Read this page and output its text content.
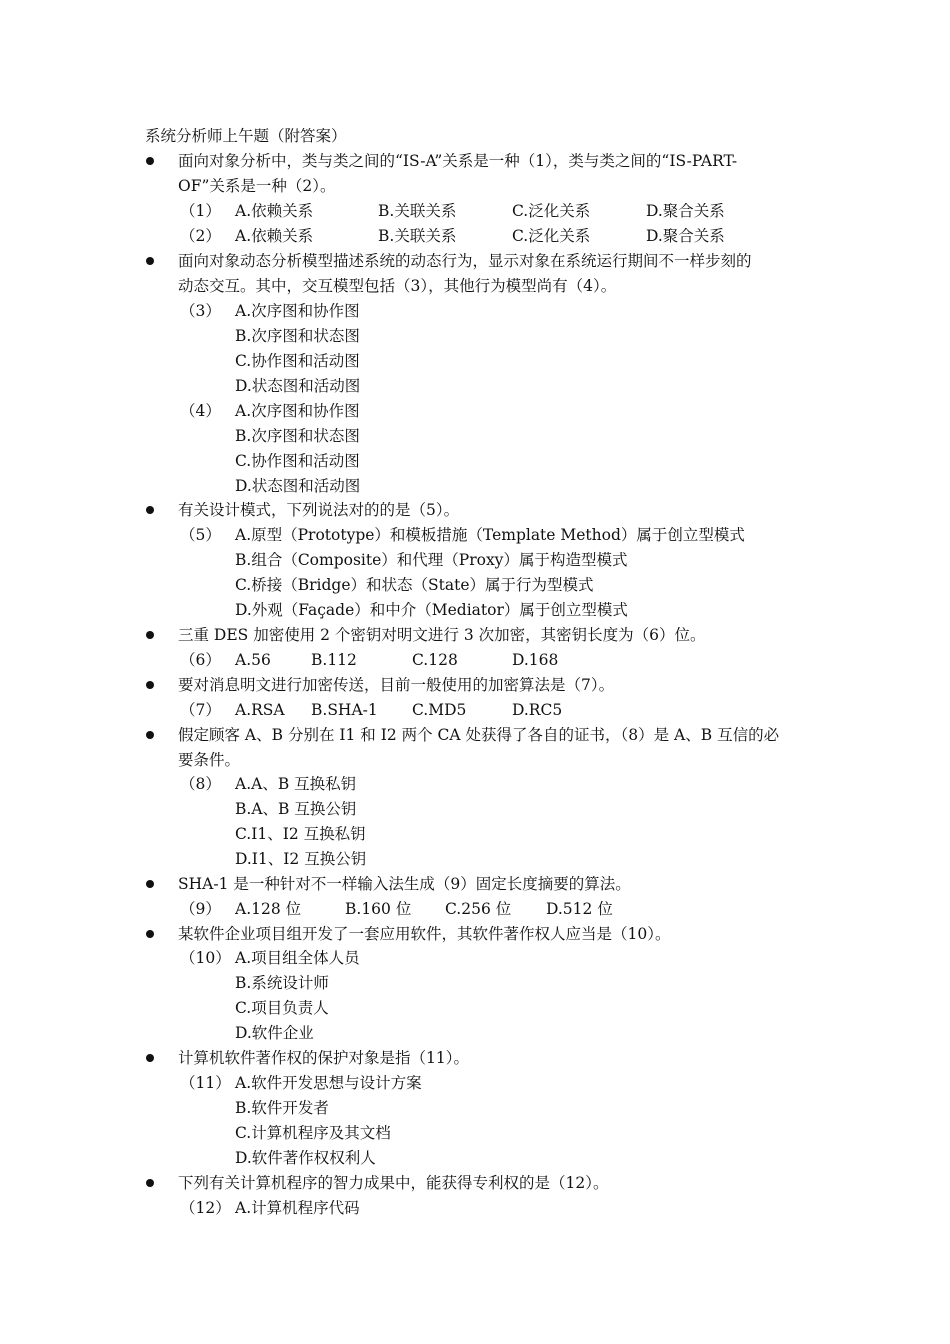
系统分析师上午题（附答案）
面向对象分析中，类与类之间的“IS-A”关系是一种（1），类与类之间的“IS-PART-
OF”关系是一种（2）。
（1） A.依赖关系	B.关联关系	C.泛化关系	D.聚合关系
（2） A.依赖关系	B.关联关系	C.泛化关系	D.聚合关系
面向对象动态分析模型描述系统的动态行为，显示对象在系统运行期间不一样步刻的
动态交互。其中，交互模型包括（3），其他行为模型尚有（4）。
（3） A.次序图和协作图
B.次序图和状态图
C.协作图和活动图
D.状态图和活动图
（4） A.次序图和协作图
B.次序图和状态图
C.协作图和活动图
D.状态图和活动图
有关设计模式，下列说法对的的是（5）。
（5） A.原型（Prototype）和模板措施（Template Method）属于创立型模式
B.组合（Composite）和代理（Proxy）属于构造型模式
C.桥接（Bridge）和状态（State）属于行为型模式
D.外观（Façade）和中介（Mediator）属于创立型模式
三重 DES 加密使用 2 个密钥对明文进行 3 次加密，其密钥长度为（6）位。
（6） A.56	B.112	C.128	D.168
要对消息明文进行加密传送，目前一般使用的加密算法是（7）。
（7） A.RSA B.SHA-1 C.MD5	D.RC5
假定顾客 A、B 分别在 I1 和 I2 两个 CA 处获得了各自的证书，（8）是 A、B 互信的必
要条件。
（8） A.A、B 互换私钥
B.A、B 互换公钥
C.I1、I2 互换私钥
D.I1、I2 互换公钥
SHA-1 是一种针对不一样输入法生成（9）固定长度摘要的算法。
（9） A.128 位	B.160 位 C.256 位 D.512 位
某软件企业项目组开发了一套应用软件，其软件著作权人应当是（10）。
（10） A.项目组全体人员
B.系统设计师
C.项目负责人
D.软件企业
计算机软件著作权的保护对象是指（11）。
（11） A.软件开发思想与设计方案
B.软件开发者
C.计算机程序及其文档
D.软件著作权权利人
下列有关计算机程序的智力成果中，能获得专利权的是（12）。
（12） A.计算机程序代码
